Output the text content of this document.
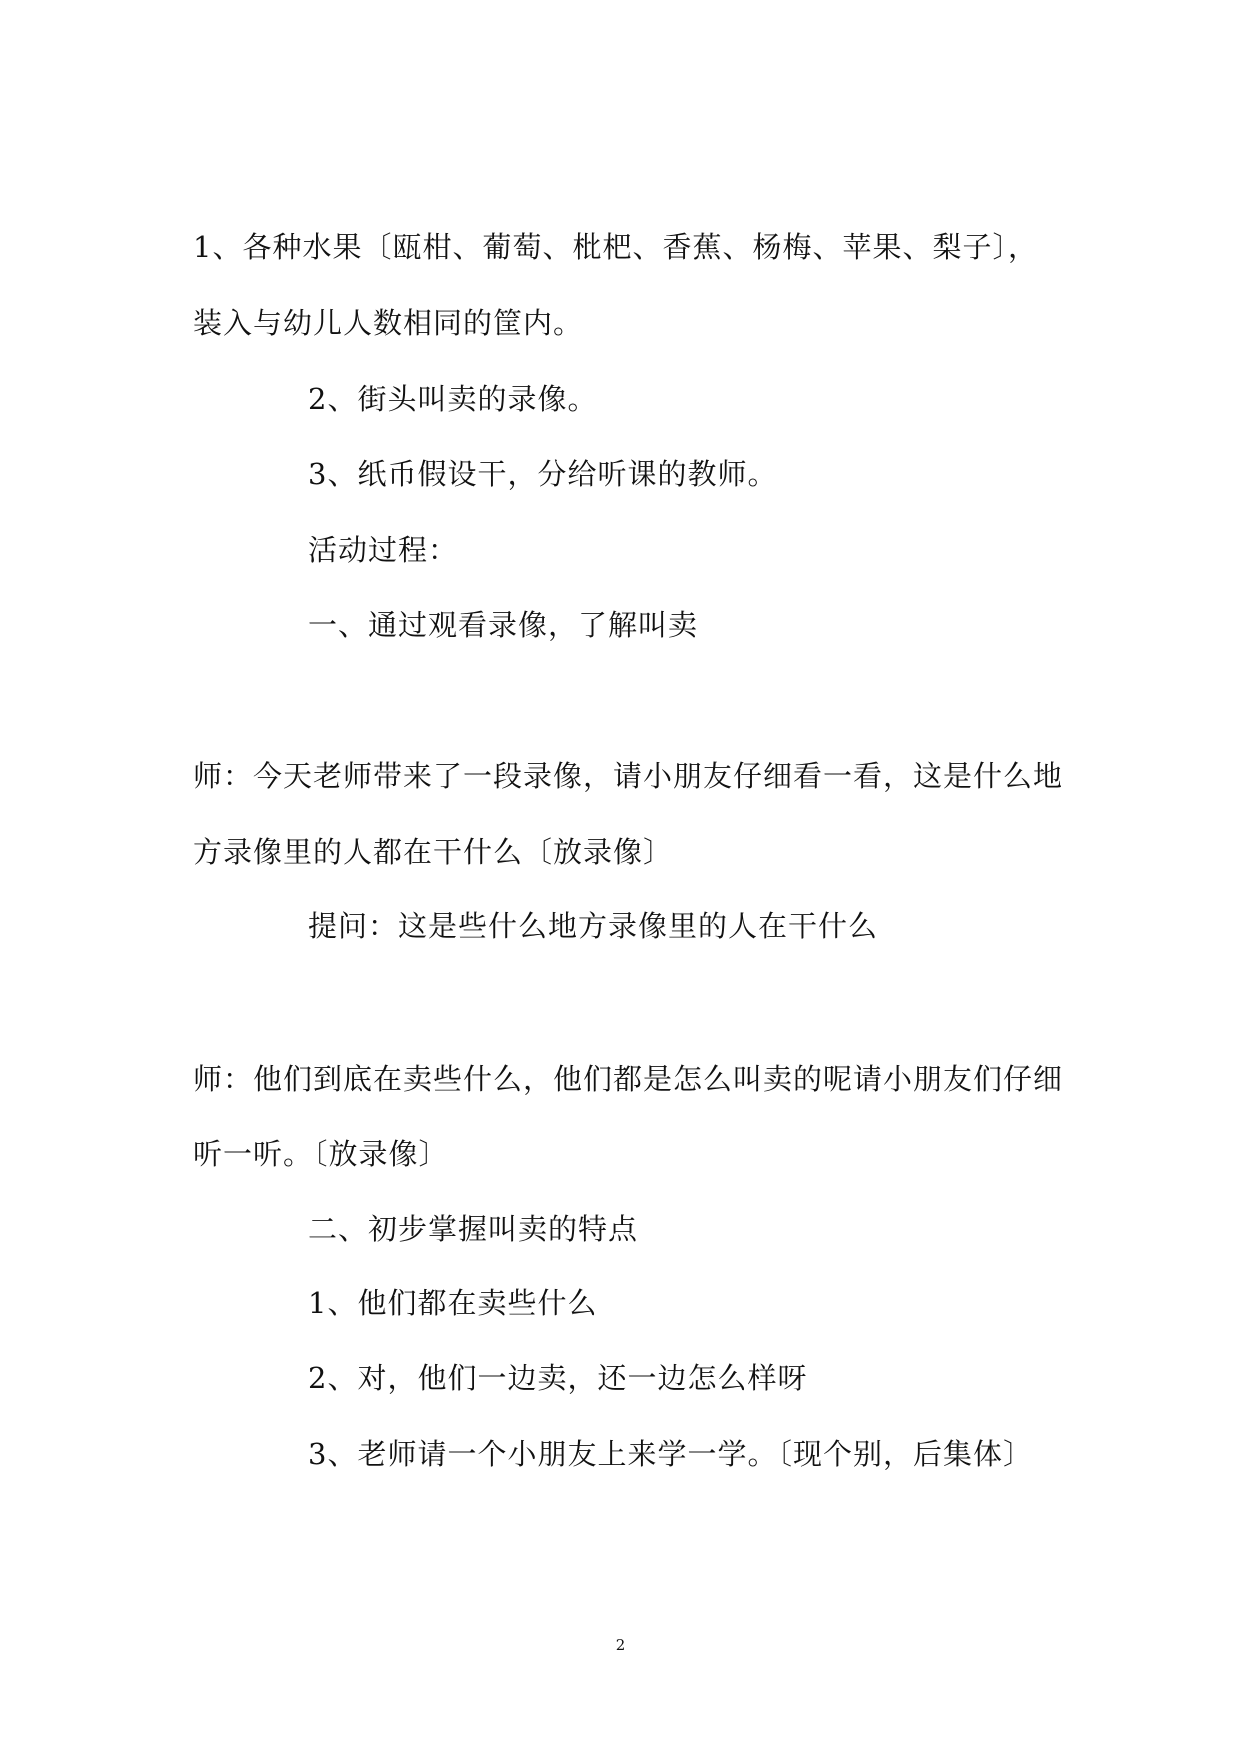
1、各种水果〔瓯柑、葡萄、枇杷、香蕉、杨梅、苹果、梨子〕，
装入与幼儿人数相同的筐内。
2、街头叫卖的录像。
3、纸币假设干，分给听课的教师。
活动过程：
一、通过观看录像，了解叫卖
师：今天老师带来了一段录像，请小朋友仔细看一看，这是什么地
方录像里的人都在干什么〔放录像〕
提问：这是些什么地方录像里的人在干什么
师：他们到底在卖些什么，他们都是怎么叫卖的呢请小朋友们仔细
听一听。〔放录像〕
二、初步掌握叫卖的特点
1、他们都在卖些什么
2、对，他们一边卖，还一边怎么样呀
3、老师请一个小朋友上来学一学。〔现个别，后集体〕
2
